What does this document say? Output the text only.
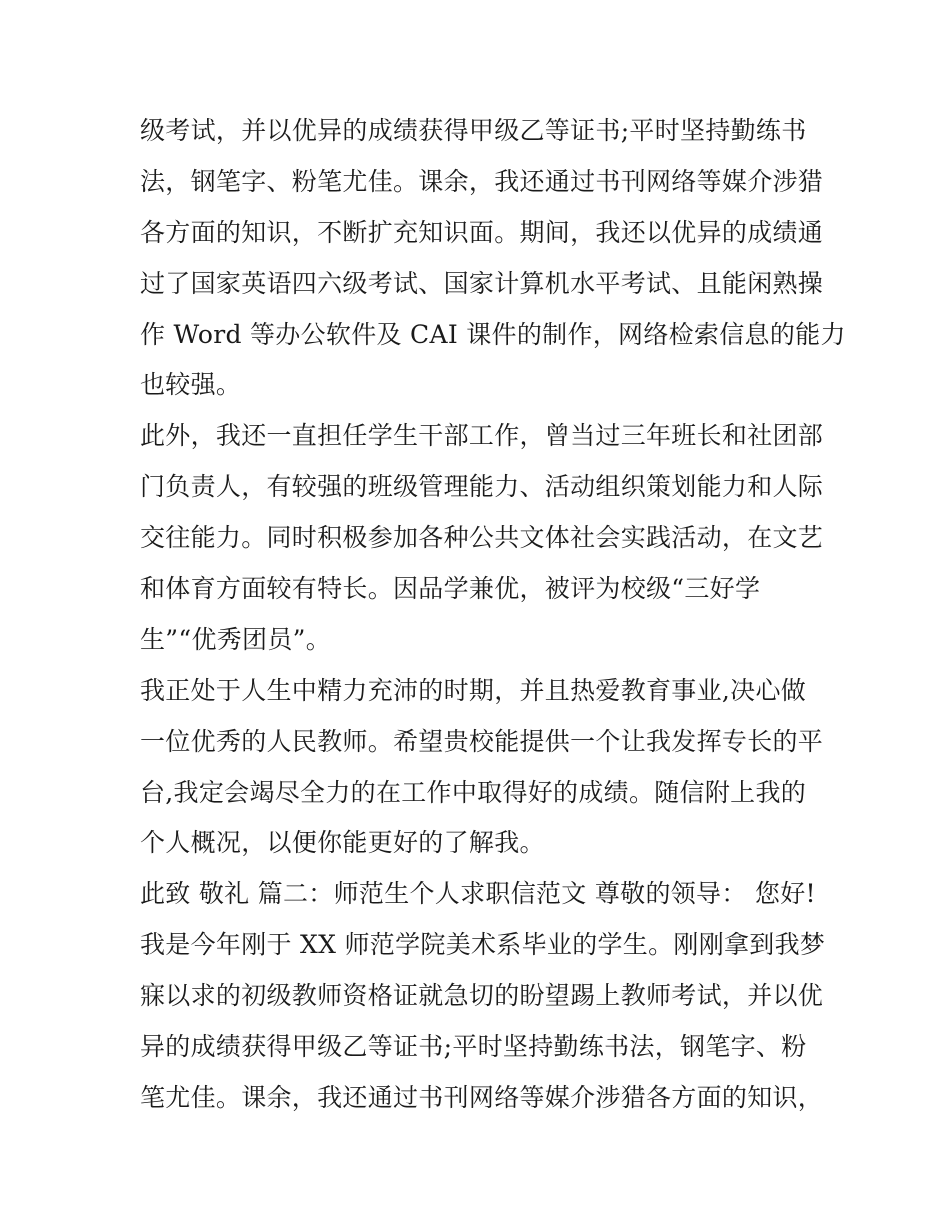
级考试，并以优异的成绩获得甲级乙等证书;平时坚持勤练书
法，钢笔字、粉笔尤佳。课余，我还通过书刊网络等媒介涉猎
各方面的知识，不断扩充知识面。期间，我还以优异的成绩通
过了国家英语四六级考试、国家计算机水平考试、且能闲熟操
作 Word 等办公软件及 CAI 课件的制作，网络检索信息的能力
也较强。
此外，我还一直担任学生干部工作，曾当过三年班长和社团部
门负责人，有较强的班级管理能力、活动组织策划能力和人际
交往能力。同时积极参加各种公共文体社会实践活动，在文艺
和体育方面较有特长。因品学兼优，被评为校级“三好学
生”“优秀团员”。
我正处于人生中精力充沛的时期，并且热爱教育事业,决心做
一位优秀的人民教师。希望贵校能提供一个让我发挥专长的平
台,我定会竭尽全力的在工作中取得好的成绩。随信附上我的
个人概况，以便你能更好的了解我。
此致 敬礼 篇二：师范生个人求职信范文 尊敬的领导： 您好!
我是今年刚于 XX 师范学院美术系毕业的学生。刚刚拿到我梦
寐以求的初级教师资格证就急切的盼望踢上教师考试，并以优
异的成绩获得甲级乙等证书;平时坚持勤练书法，钢笔字、粉
笔尤佳。课余，我还通过书刊网络等媒介涉猎各方面的知识，
